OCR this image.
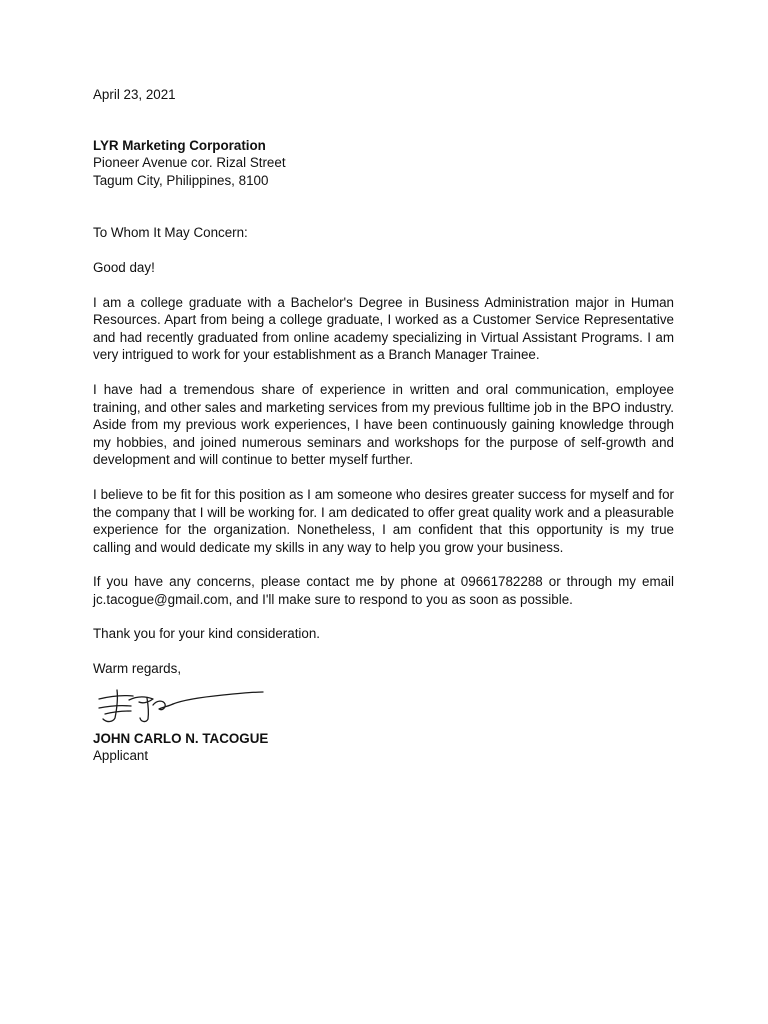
April 23, 2021
LYR Marketing Corporation
Pioneer Avenue cor. Rizal Street
Tagum City, Philippines, 8100
To Whom It May Concern:
Good day!

I am a college graduate with a Bachelor's Degree in Business Administration major in Human Resources. Apart from being a college graduate, I worked as a Customer Service Representative and had recently graduated from online academy specializing in Virtual Assistant Programs. I am very intrigued to work for your establishment as a Branch Manager Trainee.

I have had a tremendous share of experience in written and oral communication, employee training, and other sales and marketing services from my previous fulltime job in the BPO industry. Aside from my previous work experiences, I have been continuously gaining knowledge through my hobbies, and joined numerous seminars and workshops for the purpose of self-growth and development and will continue to better myself further.

I believe to be fit for this position as I am someone who desires greater success for myself and for the company that I will be working for. I am dedicated to offer great quality work and a pleasurable experience for the organization. Nonetheless, I am confident that this opportunity is my true calling and would dedicate my skills in any way to help you grow your business.

If you have any concerns, please contact me by phone at 09661782288 or through my email jc.tacogue@gmail.com, and I'll make sure to respond to you as soon as possible.

Thank you for your kind consideration.
Warm regards,
JOHN CARLO N. TACOGUE
Applicant
